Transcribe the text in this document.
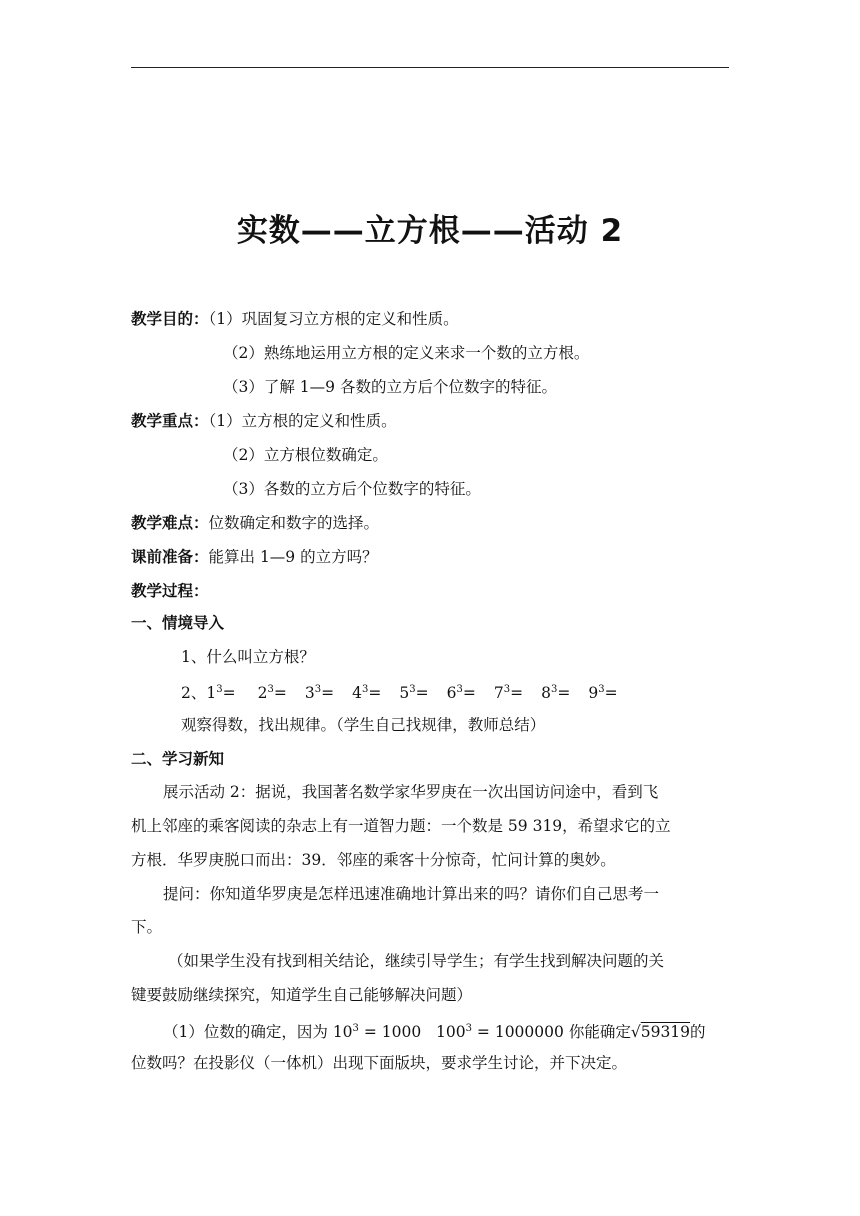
实数——立方根——活动 2
教学目的：（1）巩固复习立方根的定义和性质。
（2）熟练地运用立方根的定义来求一个数的立方根。
（3）了解 1—9 各数的立方后个位数字的特征。
教学重点：（1）立方根的定义和性质。
（2）立方根位数确定。
（3）各数的立方后个位数字的特征。
教学难点：位数确定和数字的选择。
课前准备：能算出 1—9 的立方吗？
教学过程：
一、情境导入
1、什么叫立方根？
2、$1^3= 2^3= 3^3= 4^3= 5^3= 6^3= 7^3= 8^3= 9^3=$
观察得数，找出规律。（学生自己找规律，教师总结）
二、学习新知
展示活动 2：据说，我国著名数学家华罗庚在一次出国访问途中，看到飞
机上邻座的乘客阅读的杂志上有一道智力题：一个数是 59 319，希望求它的立
方根．华罗庚脱口而出：39．邻座的乘客十分惊奇，忙问计算的奥妙。
提问：你知道华罗庚是怎样迅速准确地计算出来的吗？请你们自己思考一
下。
（如果学生没有找到相关结论，继续引导学生；有学生找到解决问题的关
键要鼓励继续探究，知道学生自己能够解决问题）
（1）位数的确定，因为 $10^3 = 1000$ $100^3 = 1000000$ 你能确定√59319的
位数吗？在投影仪（一体机）出现下面版块，要求学生讨论，并下决定。
